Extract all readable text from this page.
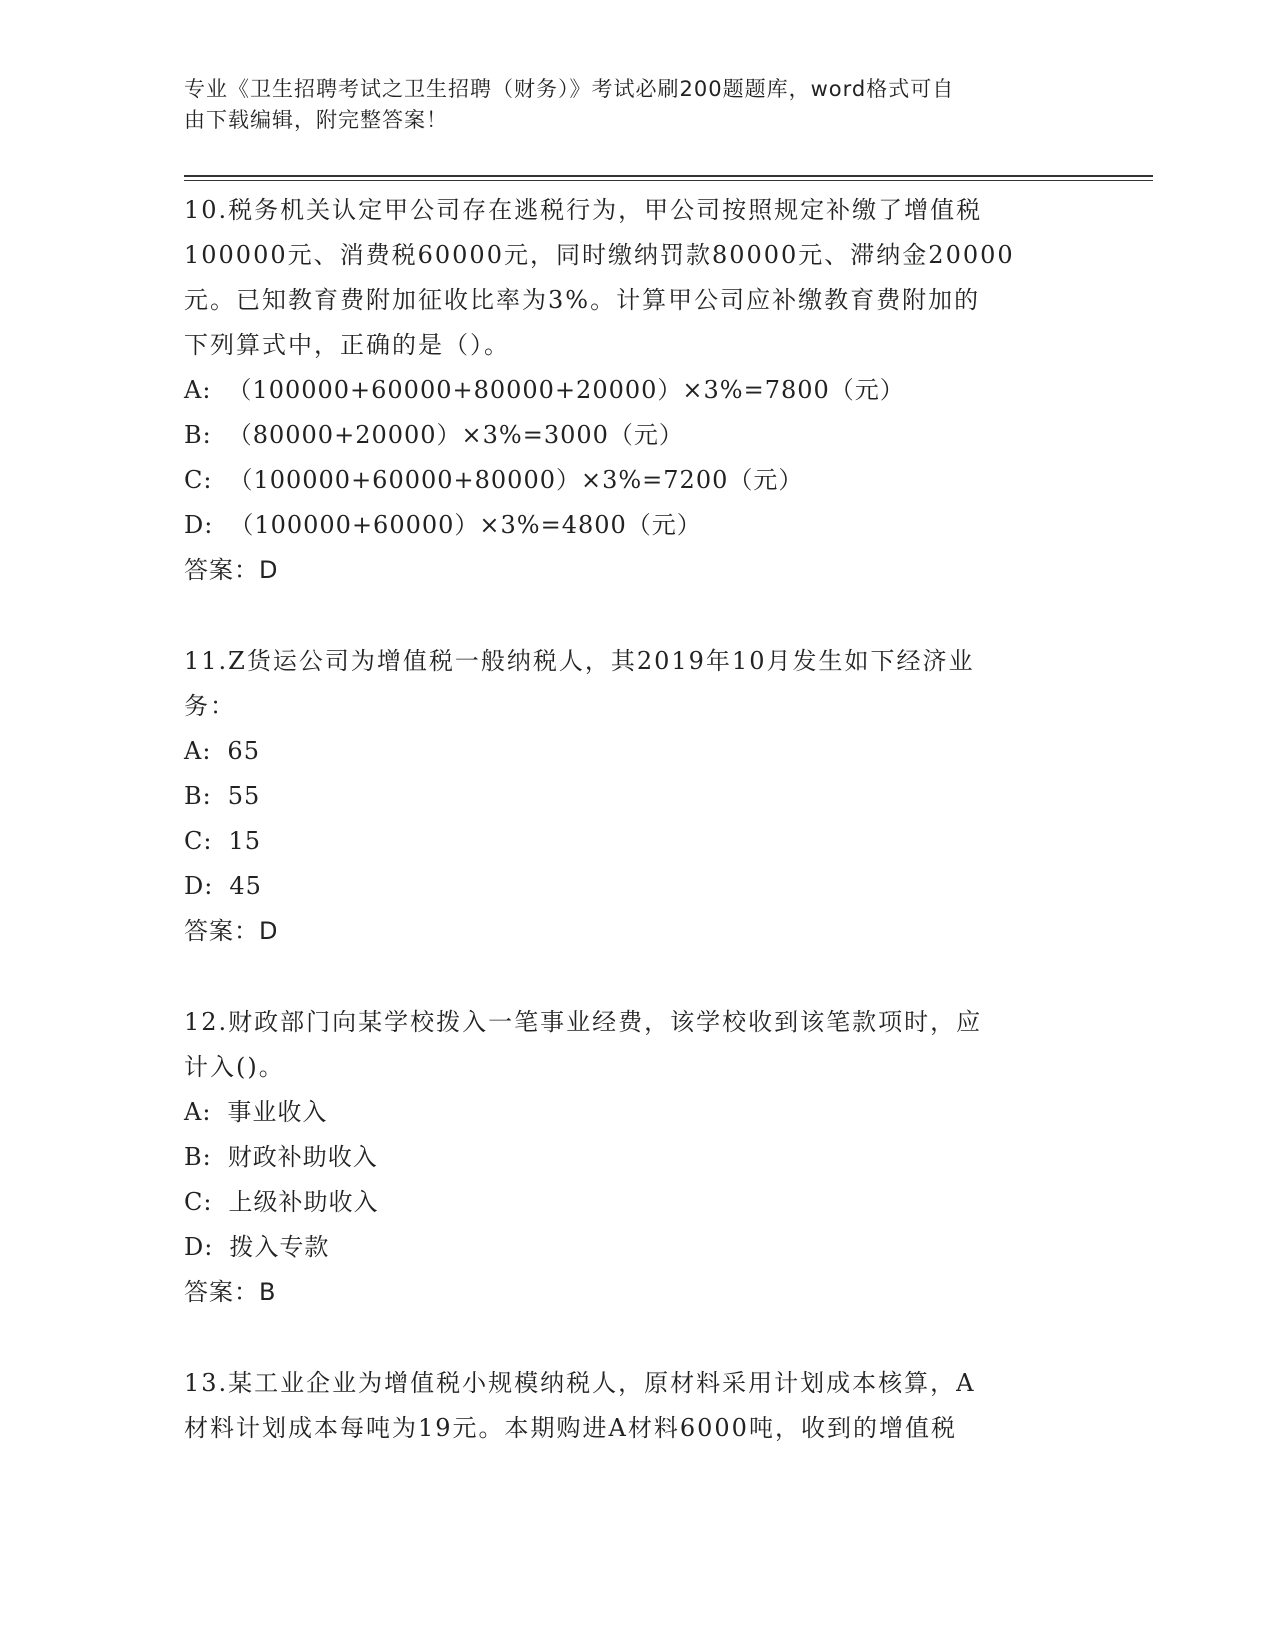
专业《卫生招聘考试之卫生招聘（财务）》考试必刷200题题库，word格式可自
由下载编辑，附完整答案！
10.税务机关认定甲公司存在逃税行为，甲公司按照规定补缴了增值税
100000元、消费税60000元，同时缴纳罚款80000元、滞纳金20000
元。已知教育费附加征收比率为3%。计算甲公司应补缴教育费附加的
下列算式中，正确的是（）。
A: （100000+60000+80000+20000）×3%=7800（元）
B: （80000+20000）×3%=3000（元）
C: （100000+60000+80000）×3%=7200（元）
D: （100000+60000）×3%=4800（元）
答案：D
11.Z货运公司为增值税一般纳税人，其2019年10月发生如下经济业
务：
A: 65
B: 55
C: 15
D: 45
答案：D
12.财政部门向某学校拨入一笔事业经费，该学校收到该笔款项时，应
计入()。
A: 事业收入
B: 财政补助收入
C: 上级补助收入
D: 拨入专款
答案：B
13.某工业企业为增值税小规模纳税人，原材料采用计划成本核算，A
材料计划成本每吨为19元。本期购进A材料6000吨，收到的增值税
